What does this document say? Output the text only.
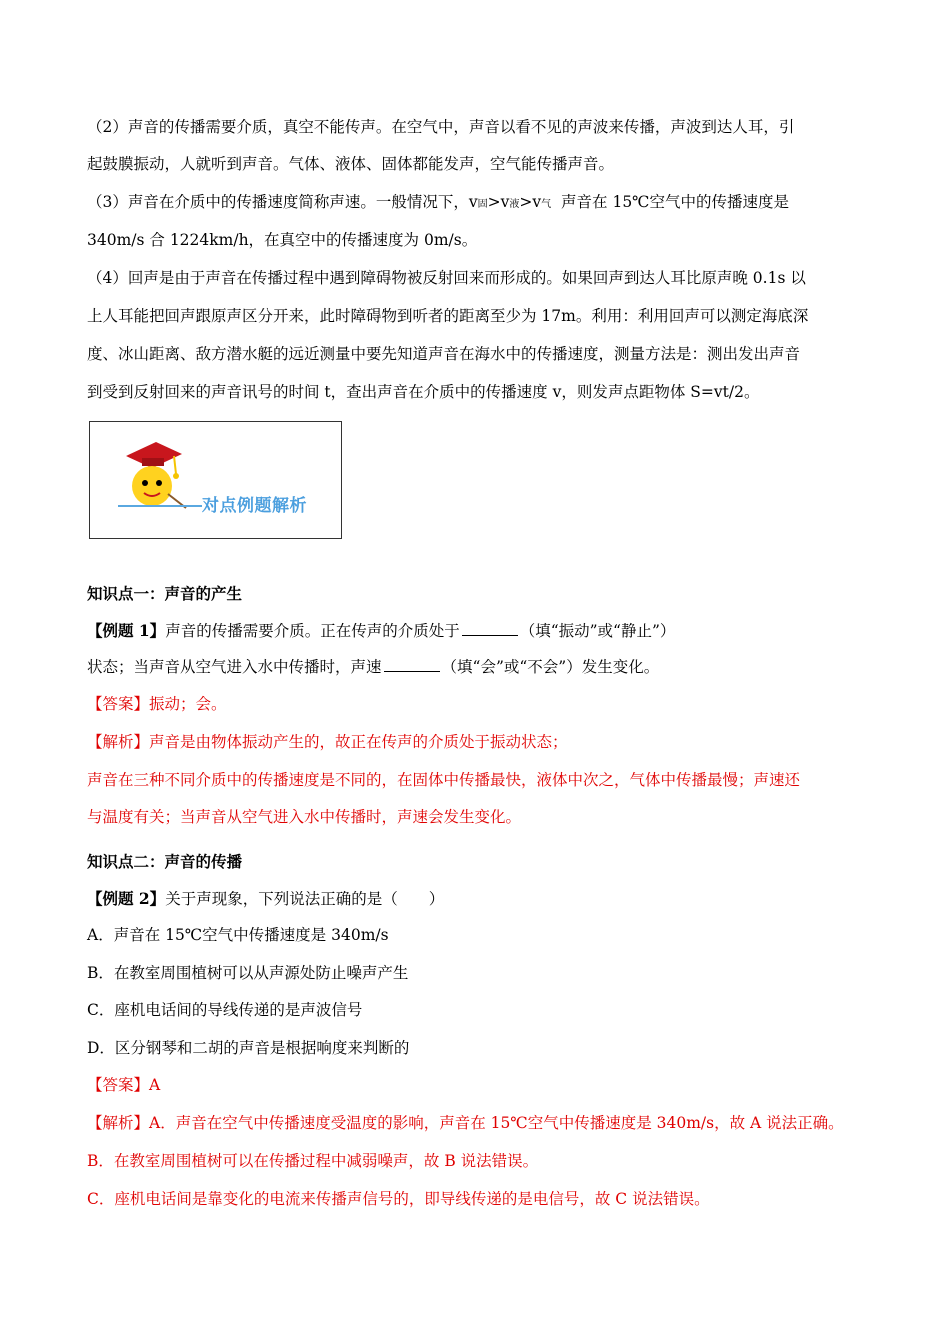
（2）声音的传播需要介质，真空不能传声。在空气中，声音以看不见的声波来传播，声波到达人耳，引
起鼓膜振动，人就听到声音。气体、液体、固体都能发声，空气能传播声音。
（3）声音在介质中的传播速度简称声速。一般情况下，v固>v液>v气 声音在 15℃空气中的传播速度是
340m/s 合 1224km/h，在真空中的传播速度为 0m/s。
（4）回声是由于声音在传播过程中遇到障碍物被反射回来而形成的。如果回声到达人耳比原声晚 0.1s 以
上人耳能把回声跟原声区分开来，此时障碍物到听者的距离至少为 17m。利用：利用回声可以测定海底深
度、冰山距离、敌方潜水艇的远近测量中要先知道声音在海水中的传播速度，测量方法是：测出发出声音
到受到反射回来的声音讯号的时间 t，查出声音在介质中的传播速度 v，则发声点距物体 S=vt/2。
对点例题解析
知识点一：声音的产生
【例题 1】声音的传播需要介质。正在传声的介质处于	（填“振动”或“静止”）
状态；当声音从空气进入水中传播时，声速	（填“会”或“不会”）发生变化。
【答案】振动；会。
【解析】声音是由物体振动产生的，故正在传声的介质处于振动状态；
声音在三种不同介质中的传播速度是不同的，在固体中传播最快，液体中次之，气体中传播最慢；声速还
与温度有关；当声音从空气进入水中传播时，声速会发生变化。
知识点二：声音的传播
【例题 2】关于声现象，下列说法正确的是（　　）
A．声音在 15℃空气中传播速度是 340m/s
B．在教室周围植树可以从声源处防止噪声产生
C．座机电话间的导线传递的是声波信号
D．区分钢琴和二胡的声音是根据响度来判断的
【答案】A
【解析】A．声音在空气中传播速度受温度的影响，声音在 15℃空气中传播速度是 340m/s，故 A 说法正确。
B．在教室周围植树可以在传播过程中减弱噪声，故 B 说法错误。
C．座机电话间是靠变化的电流来传播声信号的，即导线传递的是电信号，故 C 说法错误。
